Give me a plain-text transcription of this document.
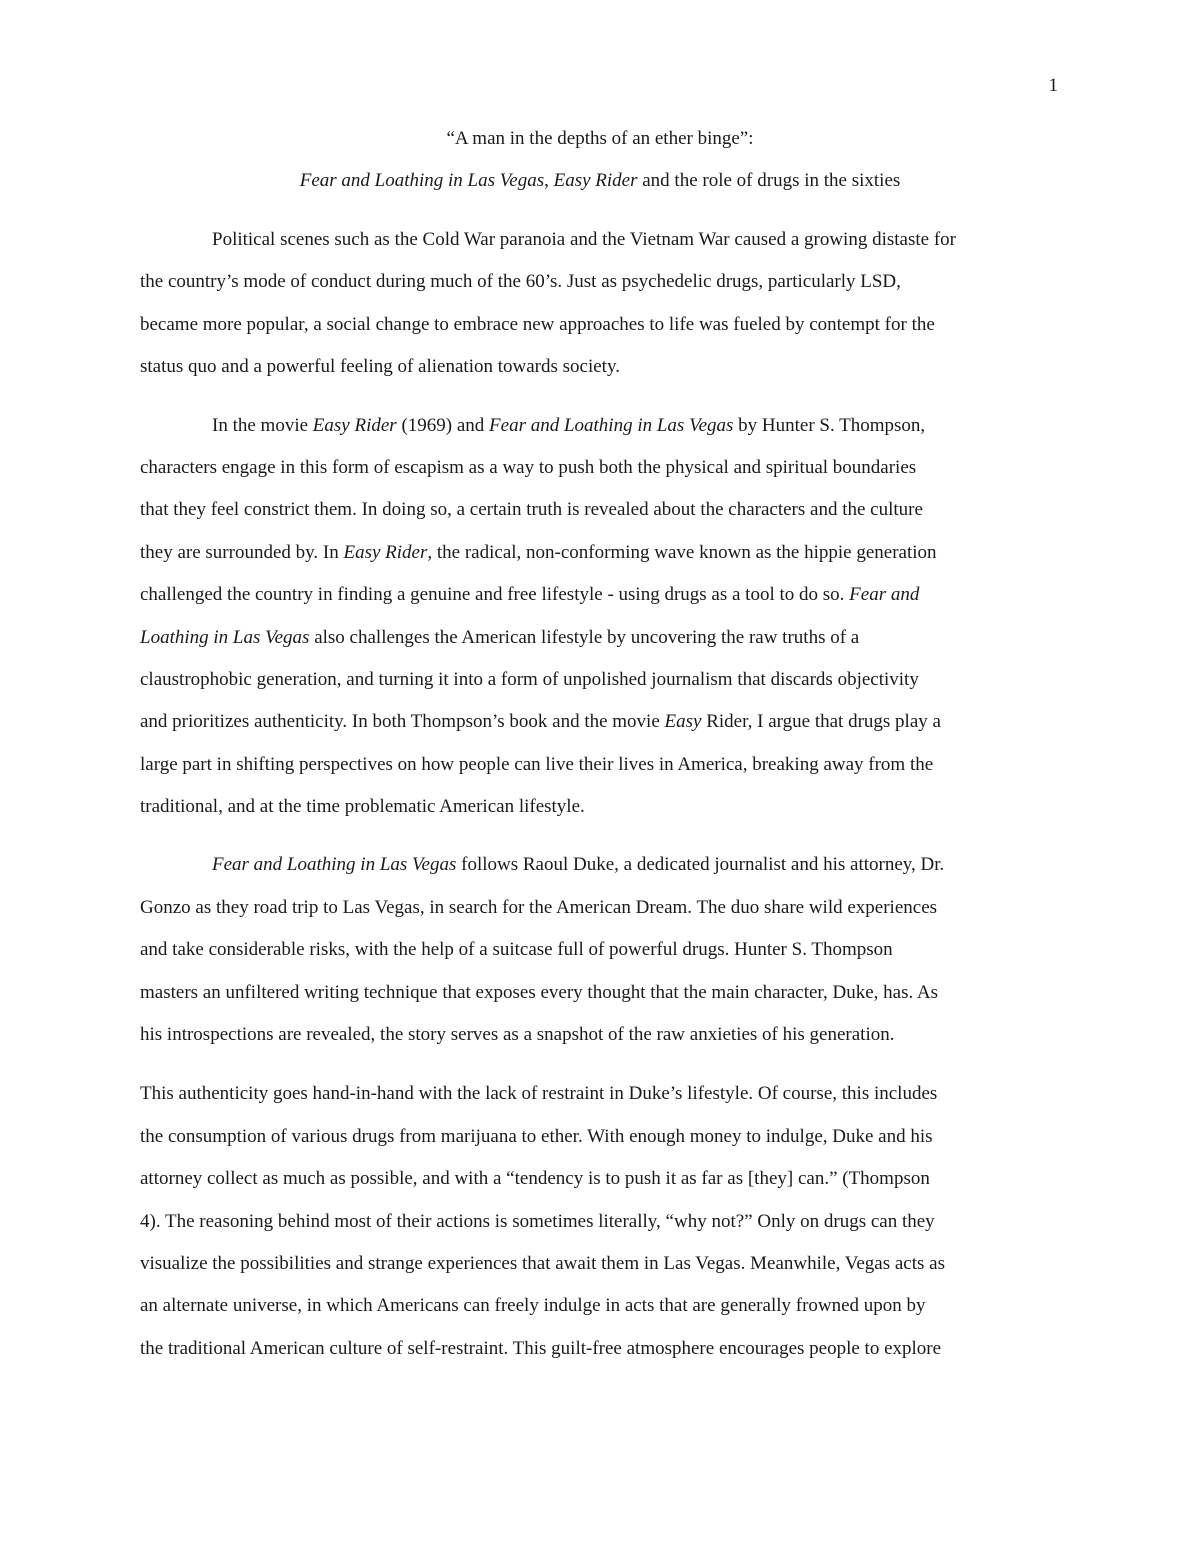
1
“A man in the depths of an ether binge”:
Fear and Loathing in Las Vegas, Easy Rider and the role of drugs in the sixties
Political scenes such as the Cold War paranoia and the Vietnam War caused a growing distaste for
the country’s mode of conduct during much of the 60’s. Just as psychedelic drugs, particularly LSD,
became more popular, a social change to embrace new approaches to life was fueled by contempt for the
status quo and a powerful feeling of alienation towards society.
In the movie Easy Rider (1969) and Fear and Loathing in Las Vegas by Hunter S. Thompson,
characters engage in this form of escapism as a way to push both the physical and spiritual boundaries
that they feel constrict them. In doing so, a certain truth is revealed about the characters and the culture
they are surrounded by. In Easy Rider, the radical, non-conforming wave known as the hippie generation
challenged the country in finding a genuine and free lifestyle - using drugs as a tool to do so. Fear and
Loathing in Las Vegas also challenges the American lifestyle by uncovering the raw truths of a
claustrophobic generation, and turning it into a form of unpolished journalism that discards objectivity
and prioritizes authenticity. In both Thompson’s book and the movie Easy Rider, I argue that drugs play a
large part in shifting perspectives on how people can live their lives in America, breaking away from the
traditional, and at the time problematic American lifestyle.
Fear and Loathing in Las Vegas follows Raoul Duke, a dedicated journalist and his attorney, Dr.
Gonzo as they road trip to Las Vegas, in search for the American Dream. The duo share wild experiences
and take considerable risks, with the help of a suitcase full of powerful drugs. Hunter S. Thompson
masters an unfiltered writing technique that exposes every thought that the main character, Duke, has. As
his introspections are revealed, the story serves as a snapshot of the raw anxieties of his generation.
This authenticity goes hand-in-hand with the lack of restraint in Duke’s lifestyle. Of course, this includes
the consumption of various drugs from marijuana to ether. With enough money to indulge, Duke and his
attorney collect as much as possible, and with a “tendency is to push it as far as [they] can.” (Thompson
4). The reasoning behind most of their actions is sometimes literally, “why not?” Only on drugs can they
visualize the possibilities and strange experiences that await them in Las Vegas. Meanwhile, Vegas acts as
an alternate universe, in which Americans can freely indulge in acts that are generally frowned upon by
the traditional American culture of self-restraint. This guilt-free atmosphere encourages people to explore
